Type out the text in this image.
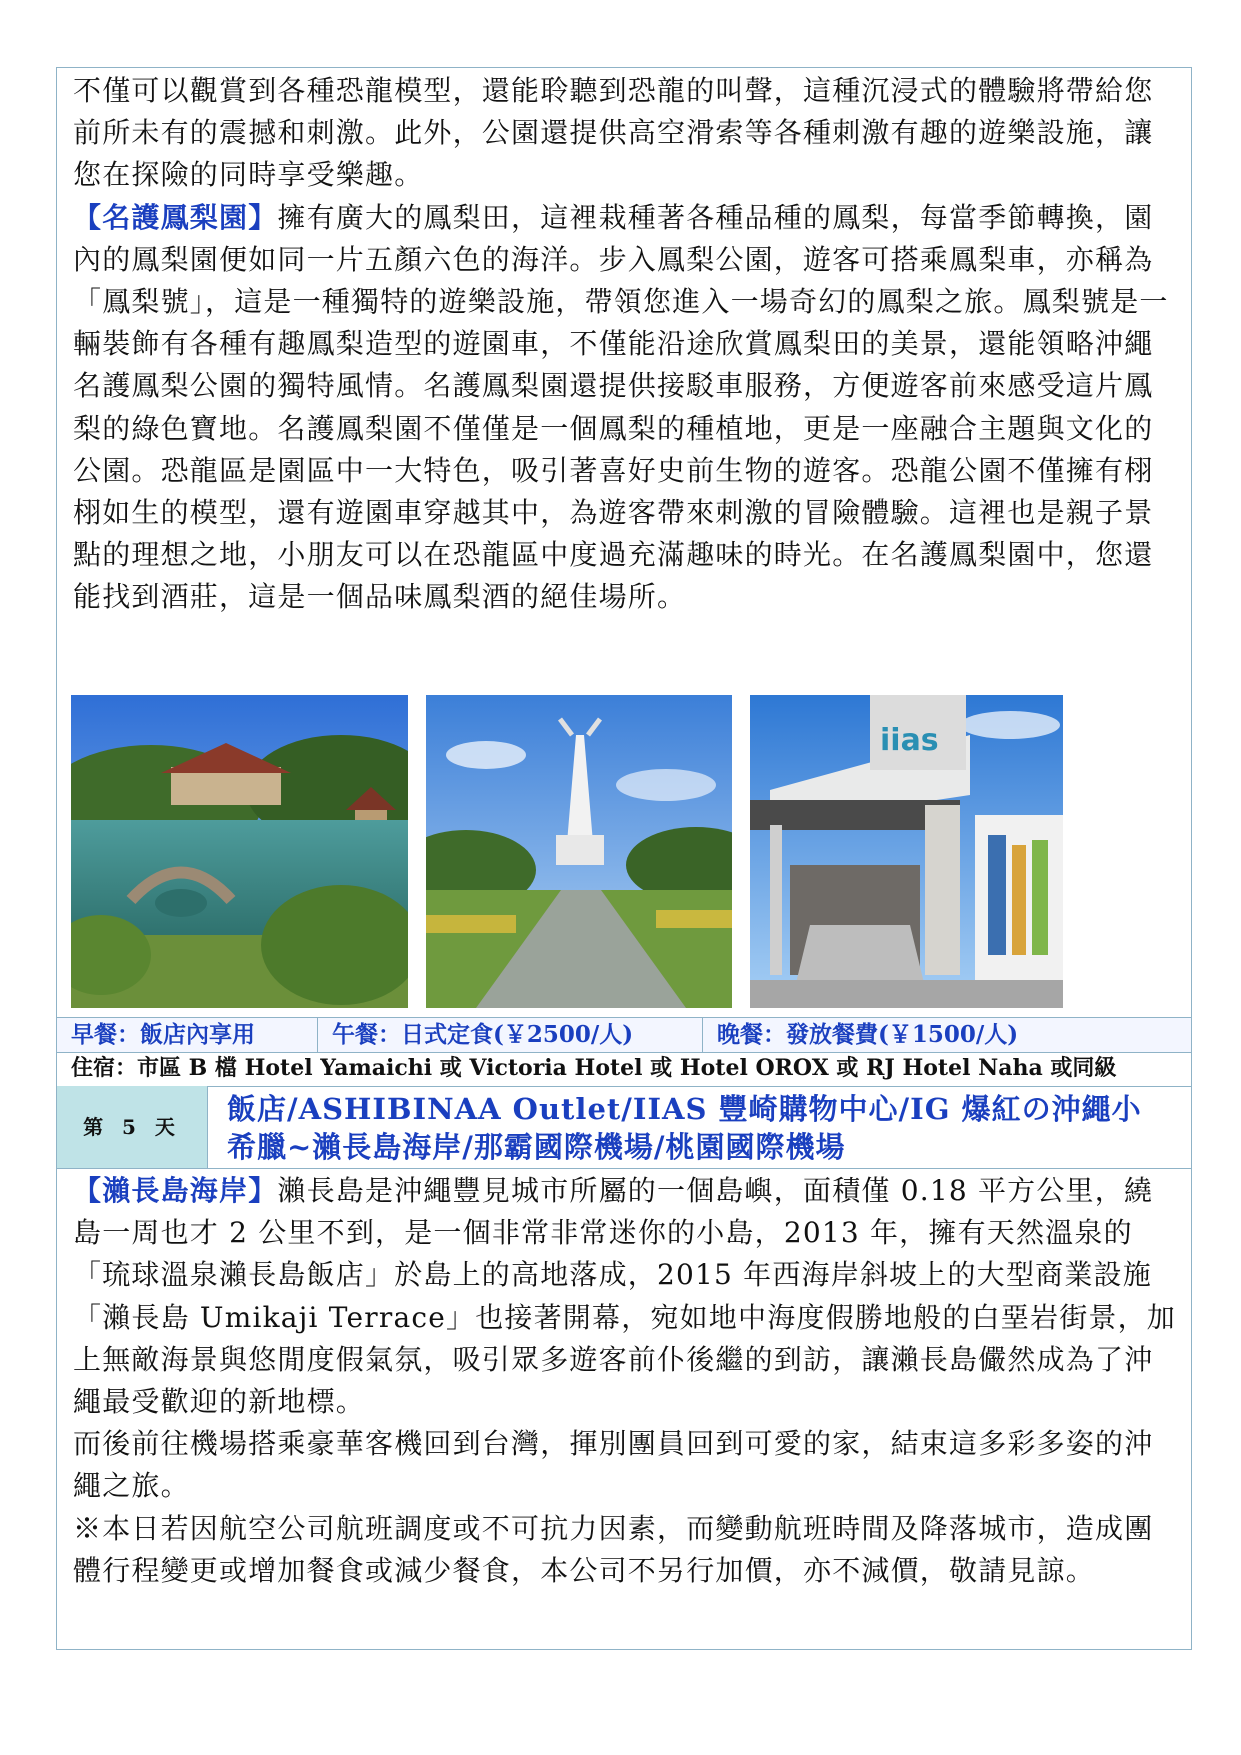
不僅可以觀賞到各種恐龍模型，還能聆聽到恐龍的叫聲，這種沉浸式的體驗將帶給您前所未有的震撼和刺激。此外，公園還提供高空滑索等各種刺激有趣的遊樂設施，讓您在探險的同時享受樂趣。

【名護鳳梨園】擁有廣大的鳳梨田，這裡栽種著各種品種的鳳梨，每當季節轉換，園內的鳳梨園便如同一片五顏六色的海洋。步入鳳梨公園，遊客可搭乘鳳梨車，亦稱為「鳳梨號」，這是一種獨特的遊樂設施，帶領您進入一場奇幻的鳳梨之旅。鳳梨號是一輛裝飾有各種有趣鳳梨造型的遊園車，不僅能沿途欣賞鳳梨田的美景，還能領略沖繩名護鳳梨公園的獨特風情。名護鳳梨園還提供接駁車服務，方便遊客前來感受這片鳳梨的綠色寶地。名護鳳梨園不僅僅是一個鳳梨的種植地，更是一座融合主題與文化的公園。恐龍區是園區中一大特色，吸引著喜好史前生物的遊客。恐龍公園不僅擁有栩栩如生的模型，還有遊園車穿越其中，為遊客帶來刺激的冒險體驗。這裡也是親子景點的理想之地，小朋友可以在恐龍區中度過充滿趣味的時光。在名護鳳梨園中，您還能找到酒莊，這是一個品味鳳梨酒的絕佳場所。

iias
早餐：飯店內享用	午餐：日式定食(￥2500/人)	晚餐：發放餐費(￥1500/人)
住宿：市區 B 檔 Hotel Yamaichi 或 Victoria Hotel 或 Hotel OROX 或 RJ Hotel Naha 或同級
第 5 天
飯店/ASHIBINAA Outlet/IIAS 豐崎購物中心/IG 爆紅の沖繩小希臘~瀨長島海岸/那霸國際機場/桃園國際機場

【瀨長島海岸】瀨長島是沖繩豐見城市所屬的一個島嶼，面積僅 0.18 平方公里，繞島一周也才 2 公里不到，是一個非常非常迷你的小島，2013 年，擁有天然溫泉的「琉球溫泉瀨長島飯店」於島上的高地落成，2015 年西海岸斜坡上的大型商業設施「瀨長島 Umikaji Terrace」也接著開幕，宛如地中海度假勝地般的白堊岩街景，加上無敵海景與悠閒度假氣氛，吸引眾多遊客前仆後繼的到訪，讓瀨長島儼然成為了沖繩最受歡迎的新地標。

而後前往機場搭乘豪華客機回到台灣，揮別團員回到可愛的家，結束這多彩多姿的沖繩之旅。

※本日若因航空公司航班調度或不可抗力因素，而變動航班時間及降落城市，造成團體行程變更或增加餐食或減少餐食，本公司不另行加價，亦不減價，敬請見諒。
